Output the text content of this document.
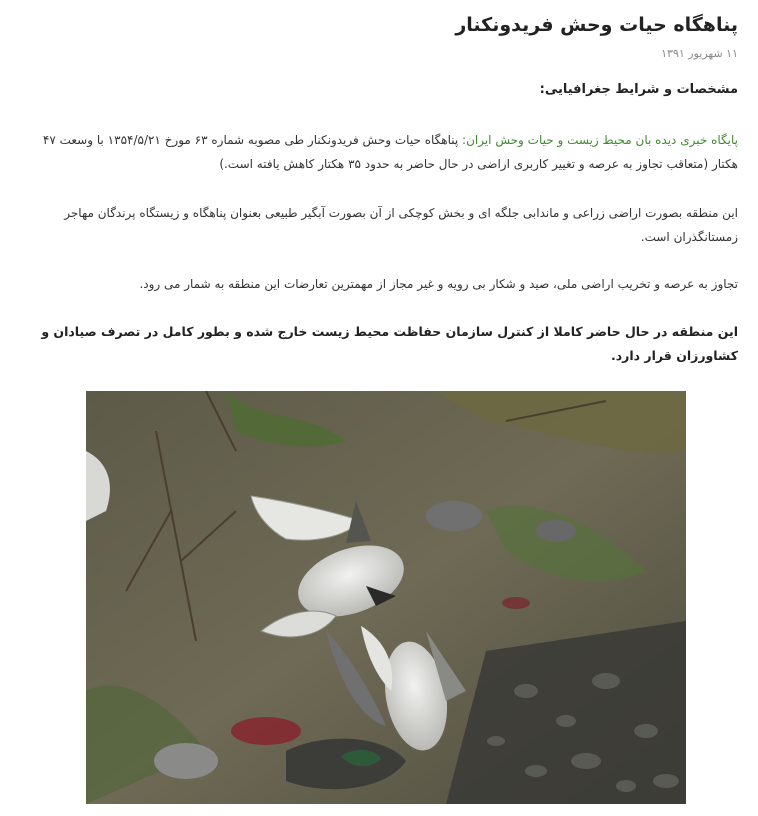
پناهگاه حیات وحش فریدونکنار
۱۱ شهریور ۱۳۹۱
مشخصات و شرایط جغرافیایی:

پایگاه خبری دیده بان محیط زیست و حیات وحش ایران: پناهگاه حیات وحش فریدونکنار طی مصوبه شماره ۶۳ مورخ ۱۳۵۴/۵/۲۱ با وسعت ۴۷ هکتار (متعاقب تجاوز به عرصه و تغییر کاربری اراضی در حال حاضر به حدود ۳۵ هکتار کاهش یافته است.)

این منطقه بصورت اراضی زراعی و ماندابی جلگه ای و بخش کوچکی از آن بصورت آبگیر طبیعی بعنوان پناهگاه و زیستگاه پرندگان مهاجر زمستانگذران است.

تجاوز به عرصه و تخریب اراضی ملی، صید و شکار بی رویه و غیر مجاز از مهمترین تعارضات این منطقه به شمار می رود.

این منطقه در حال حاضر کاملا از کنترل سازمان حفاظت محیط زیست خارج شده و بطور کامل در تصرف صیادان و کشاورزان قرار دارد.
